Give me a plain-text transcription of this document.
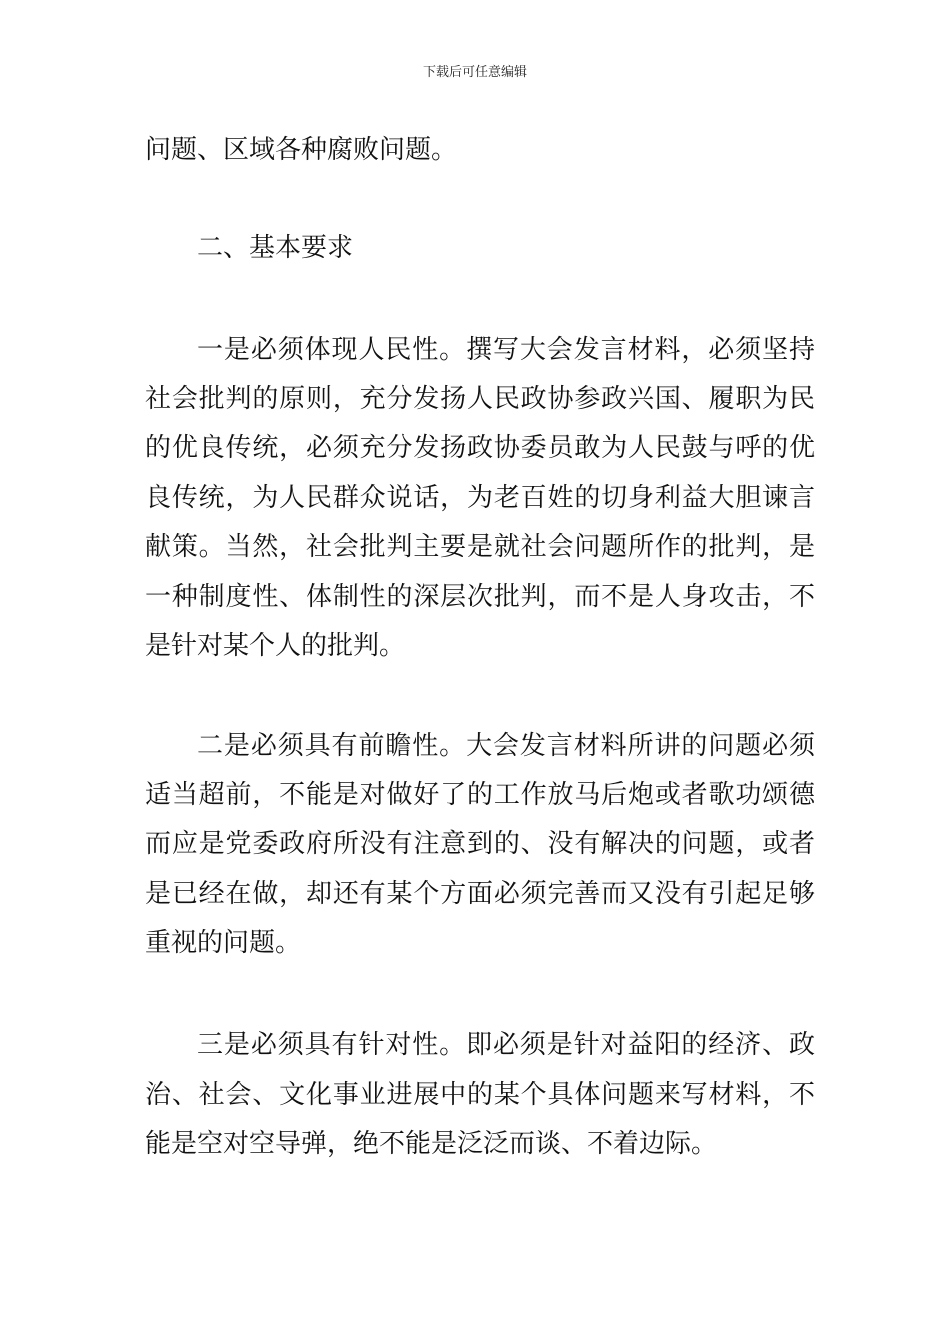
下载后可任意编辑
问题、区域各种腐败问题。
二、基本要求
一是必须体现人民性。撰写大会发言材料，必须坚持
社会批判的原则，充分发扬人民政协参政兴国、履职为民
的优良传统，必须充分发扬政协委员敢为人民鼓与呼的优
良传统，为人民群众说话，为老百姓的切身利益大胆谏言
献策。当然，社会批判主要是就社会问题所作的批判，是
一种制度性、体制性的深层次批判，而不是人身攻击，不
是针对某个人的批判。
二是必须具有前瞻性。大会发言材料所讲的问题必须
适当超前，不能是对做好了的工作放马后炮或者歌功颂德
而应是党委政府所没有注意到的、没有解决的问题，或者
是已经在做，却还有某个方面必须完善而又没有引起足够
重视的问题。
三是必须具有针对性。即必须是针对益阳的经济、政
治、社会、文化事业进展中的某个具体问题来写材料，不
能是空对空导弹，绝不能是泛泛而谈、不着边际。
